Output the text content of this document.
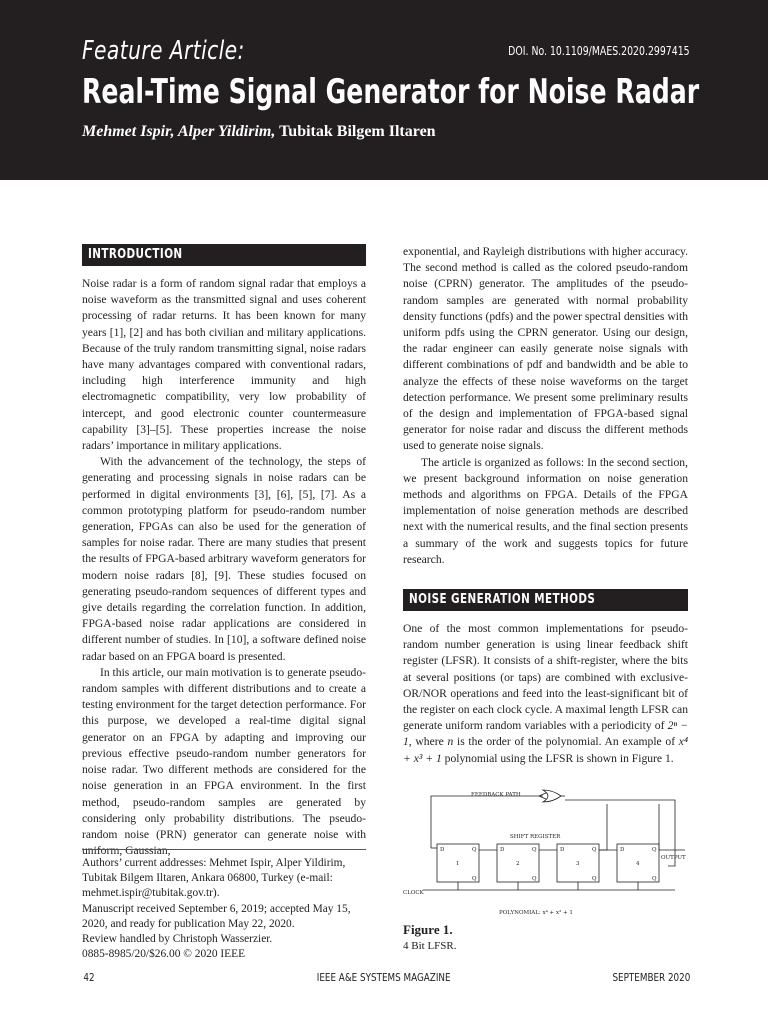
Feature Article:	DOI. No. 10.1109/MAES.2020.2997415
Real-Time Signal Generator for Noise Radar
Mehmet Ispir, Alper Yildirim, Tubitak Bilgem Iltaren
INTRODUCTION

Noise radar is a form of random signal radar that employs a noise waveform as the transmitted signal and uses coherent processing of radar returns. It has been known for many years [1], [2] and has both civilian and military applications. Because of the truly random transmitting signal, noise radars have many advantages compared with conventional radars, including high interference immunity and high electromagnetic compatibility, very low probability of intercept, and good electronic counter countermeasure capability [3]–[5]. These properties increase the noise radars’ importance in military applications.

With the advancement of the technology, the steps of generating and processing signals in noise radars can be performed in digital environments [3], [6], [5], [7]. As a common prototyping platform for pseudo-random number generation, FPGAs can also be used for the generation of samples for noise radar. There are many studies that present the results of FPGA-based arbitrary waveform generators for modern noise radars [8], [9]. These studies focused on generating pseudo-random sequences of different types and give details regarding the correlation function. In addition, FPGA-based noise radar applications are considered in different number of studies. In [10], a software defined noise radar based on an FPGA board is presented.

In this article, our main motivation is to generate pseudo-random samples with different distributions and to create a testing environment for the target detection performance. For this purpose, we developed a real-time digital signal generator on an FPGA by adapting and improving our previous effective pseudo-random number generators for noise radar. Two different methods are considered for the noise generation in an FPGA environment. In the first method, pseudo-random samples are generated by considering only probability distributions. The pseudo-random noise (PRN) generator can generate noise with uniform, Gaussian,

Authors’ current addresses: Mehmet Ispir, Alper Yildirim, Tubitak Bilgem Iltaren, Ankara 06800, Turkey (e-mail: mehmet.ispir@tubitak.gov.tr).

Manuscript received September 6, 2019; accepted May 15, 2020, and ready for publication May 22, 2020.

Review handled by Christoph Wasserzier.

0885-8985/20/$26.00 © 2020 IEEE

exponential, and Rayleigh distributions with higher accuracy. The second method is called as the colored pseudo-random noise (CPRN) generator. The amplitudes of the pseudo-random samples are generated with normal probability density functions (pdfs) and the power spectral densities with uniform pdfs using the CPRN generator. Using our design, the radar engineer can easily generate noise signals with different combinations of pdf and bandwidth and be able to analyze the effects of these noise waveforms on the target detection performance. We present some preliminary results of the design and implementation of FPGA-based signal generator for noise radar and discuss the different methods used to generate noise signals.

The article is organized as follows: In the second section, we present background information on noise generation methods and algorithms on FPGA. Details of the FPGA implementation of noise generation methods are described next with the numerical results, and the final section presents a summary of the work and suggests topics for future research.

NOISE GENERATION METHODS

One of the most common implementations for pseudo-random number generation is using linear feedback shift register (LFSR). It consists of a shift-register, where the bits at several positions (or taps) are combined with exclusive-OR/NOR operations and feed into the least-significant bit of the register on each clock cycle. A maximal length LFSR can generate uniform random variables with a periodicity of 2ⁿ − 1, where n is the order of the polynomial. An example of x⁴ + x³ + 1 polynomial using the LFSR is shown in Figure 1.

FEEDBACK PATH
SHIFT REGISTER
D	Q	D	Q	D	Q	D	Q
Q	Q	Q	Q
1	2	3	4
OUTPUT
CLOCK
POLYNOMIAL: x⁴ + x³ + 1
Figure 1.
4 Bit LFSR.
42	IEEE A&E SYSTEMS MAGAZINE	SEPTEMBER 2020
